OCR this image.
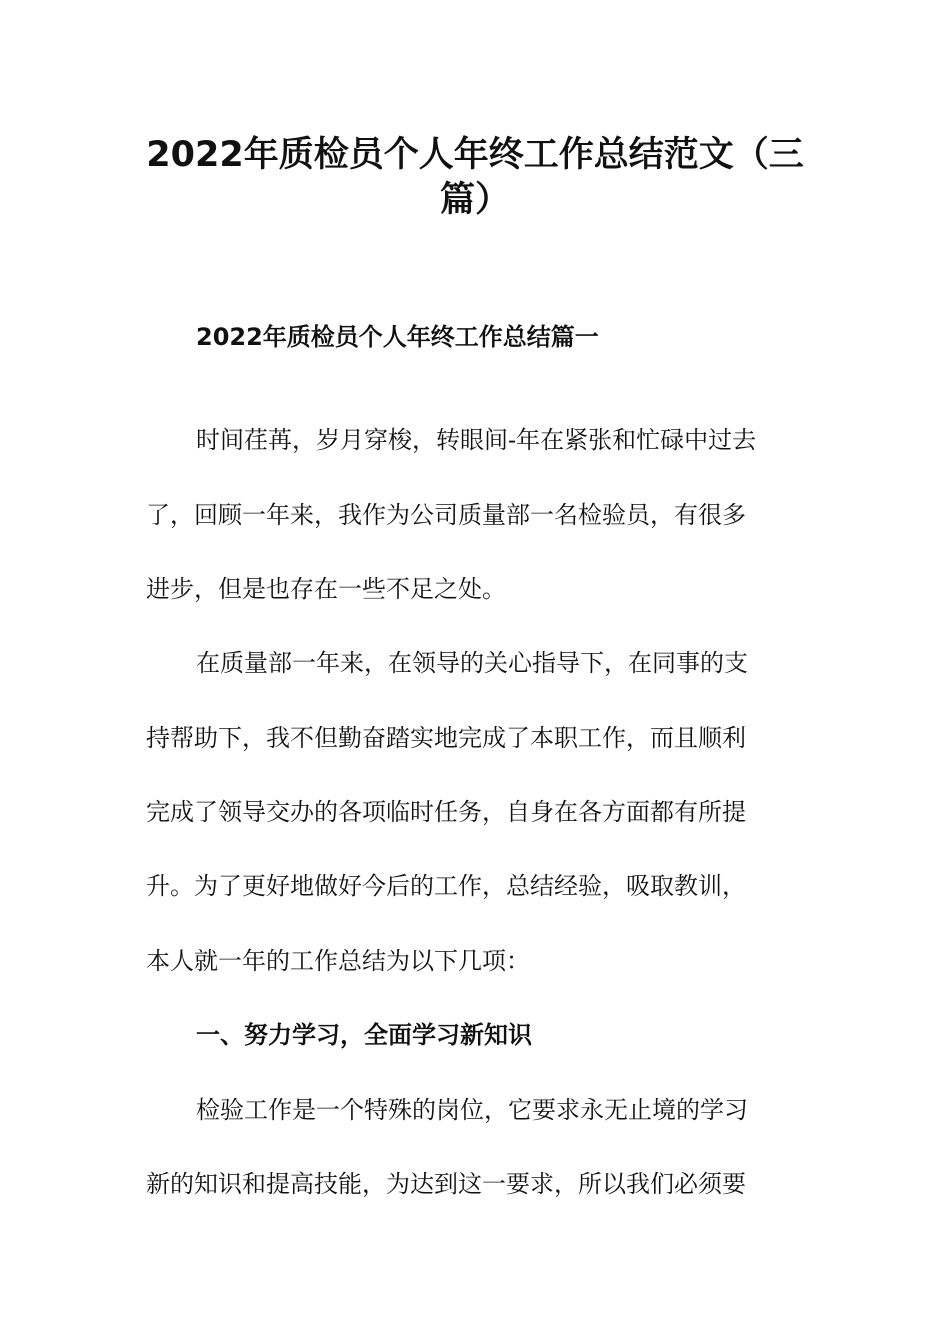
2022年质检员个人年终工作总结范文（三
篇）
2022年质检员个人年终工作总结篇一
时间荏苒，岁月穿梭，转眼间-年在紧张和忙碌中过去
了，回顾一年来，我作为公司质量部一名检验员，有很多
进步，但是也存在一些不足之处。
在质量部一年来，在领导的关心指导下，在同事的支
持帮助下，我不但勤奋踏实地完成了本职工作，而且顺利
完成了领导交办的各项临时任务，自身在各方面都有所提
升。为了更好地做好今后的工作，总结经验，吸取教训，
本人就一年的工作总结为以下几项：
一、努力学习，全面学习新知识
检验工作是一个特殊的岗位，它要求永无止境的学习
新的知识和提高技能，为达到这一要求，所以我们必须要
